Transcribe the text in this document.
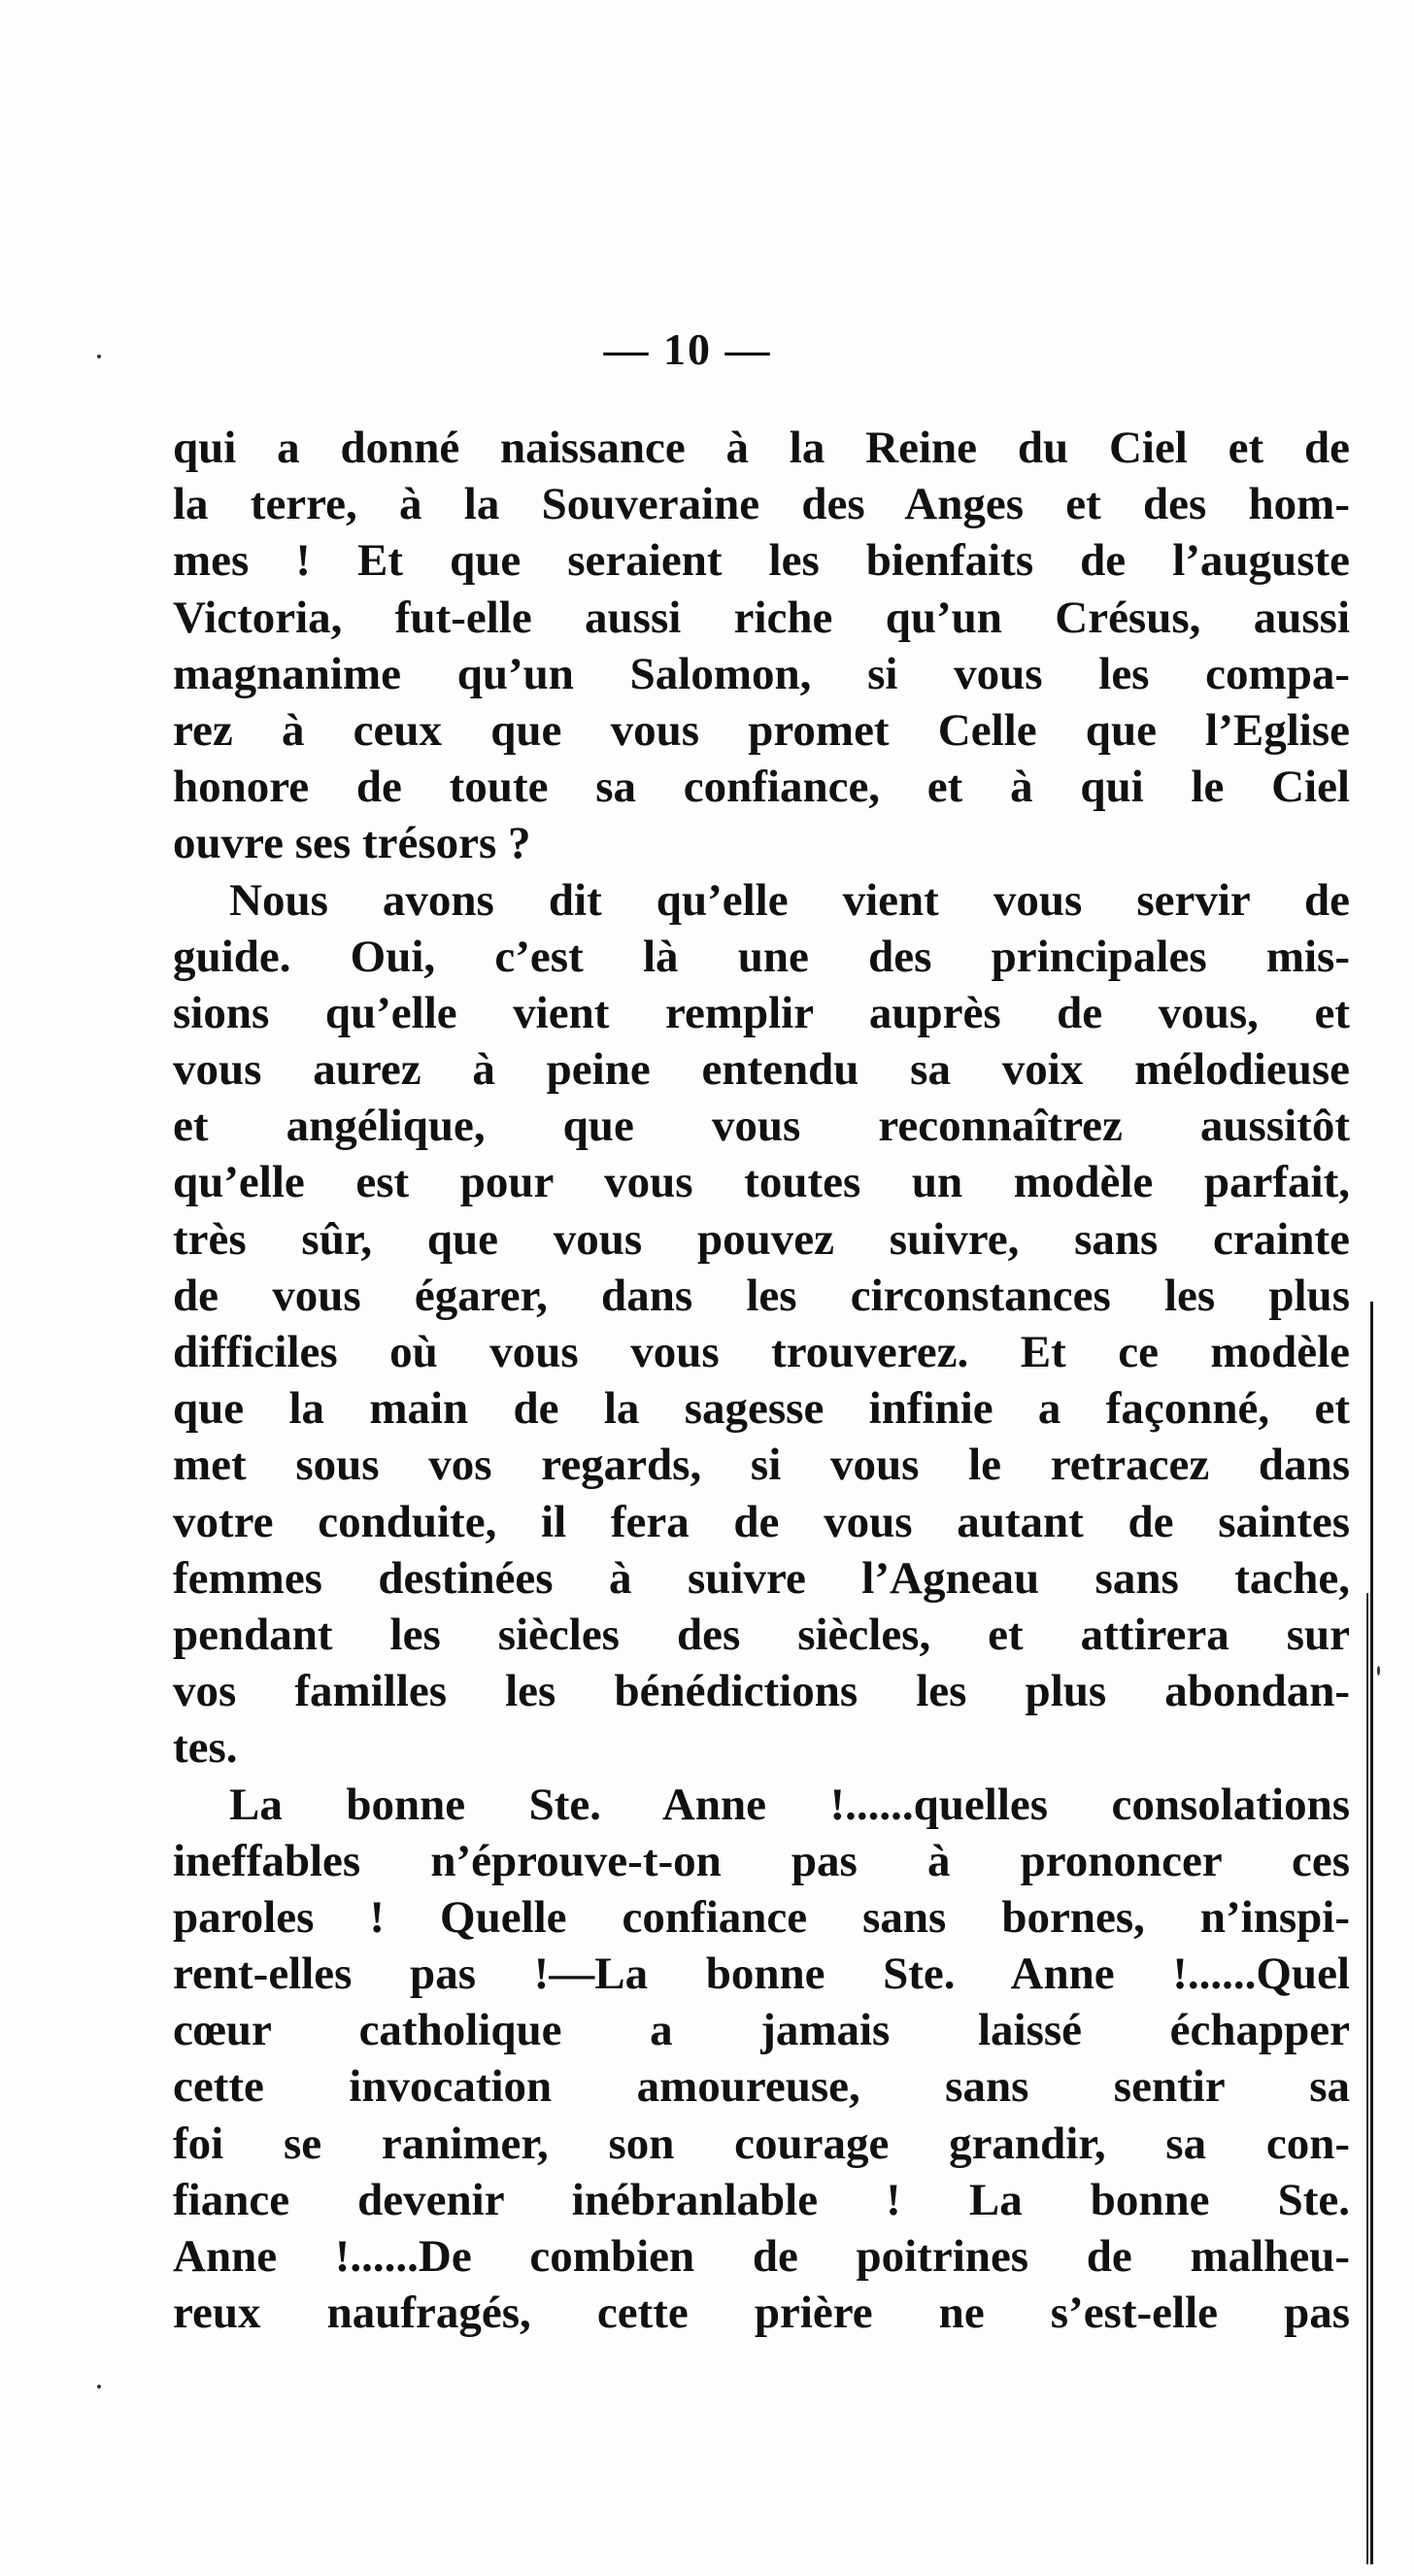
— 10 —
qui a donné naissance à la Reine du Ciel et de
la terre, à la Souveraine des Anges et des hom-
mes ! Et que seraient les bienfaits de l’auguste
Victoria, fut-elle aussi riche qu’un Crésus, aussi
magnanime qu’un Salomon, si vous les compa-
rez à ceux que vous promet Celle que l’Eglise
honore de toute sa confiance, et à qui le Ciel
ouvre ses trésors ?
Nous avons dit qu’elle vient vous servir de
guide. Oui, c’est là une des principales mis-
sions qu’elle vient remplir auprès de vous, et
vous aurez à peine entendu sa voix mélodieuse
et angélique, que vous reconnaîtrez aussitôt
qu’elle est pour vous toutes un modèle parfait,
très sûr, que vous pouvez suivre, sans crainte
de vous égarer, dans les circonstances les plus
difficiles où vous vous trouverez. Et ce modèle
que la main de la sagesse infinie a façonné, et
met sous vos regards, si vous le retracez dans
votre conduite, il fera de vous autant de saintes
femmes destinées à suivre l’Agneau sans tache,
pendant les siècles des siècles, et attirera sur
vos familles les bénédictions les plus abondan-
tes.
La bonne Ste. Anne !......quelles consolations
ineffables n’éprouve-t-on pas à prononcer ces
paroles ! Quelle confiance sans bornes, n’inspi-
rent-elles pas !—La bonne Ste. Anne !......Quel
cœur catholique a jamais laissé échapper
cette invocation amoureuse, sans sentir sa
foi se ranimer, son courage grandir, sa con-
fiance devenir inébranlable ! La bonne Ste.
Anne !......De combien de poitrines de malheu-
reux naufragés, cette prière ne s’est-elle pas
